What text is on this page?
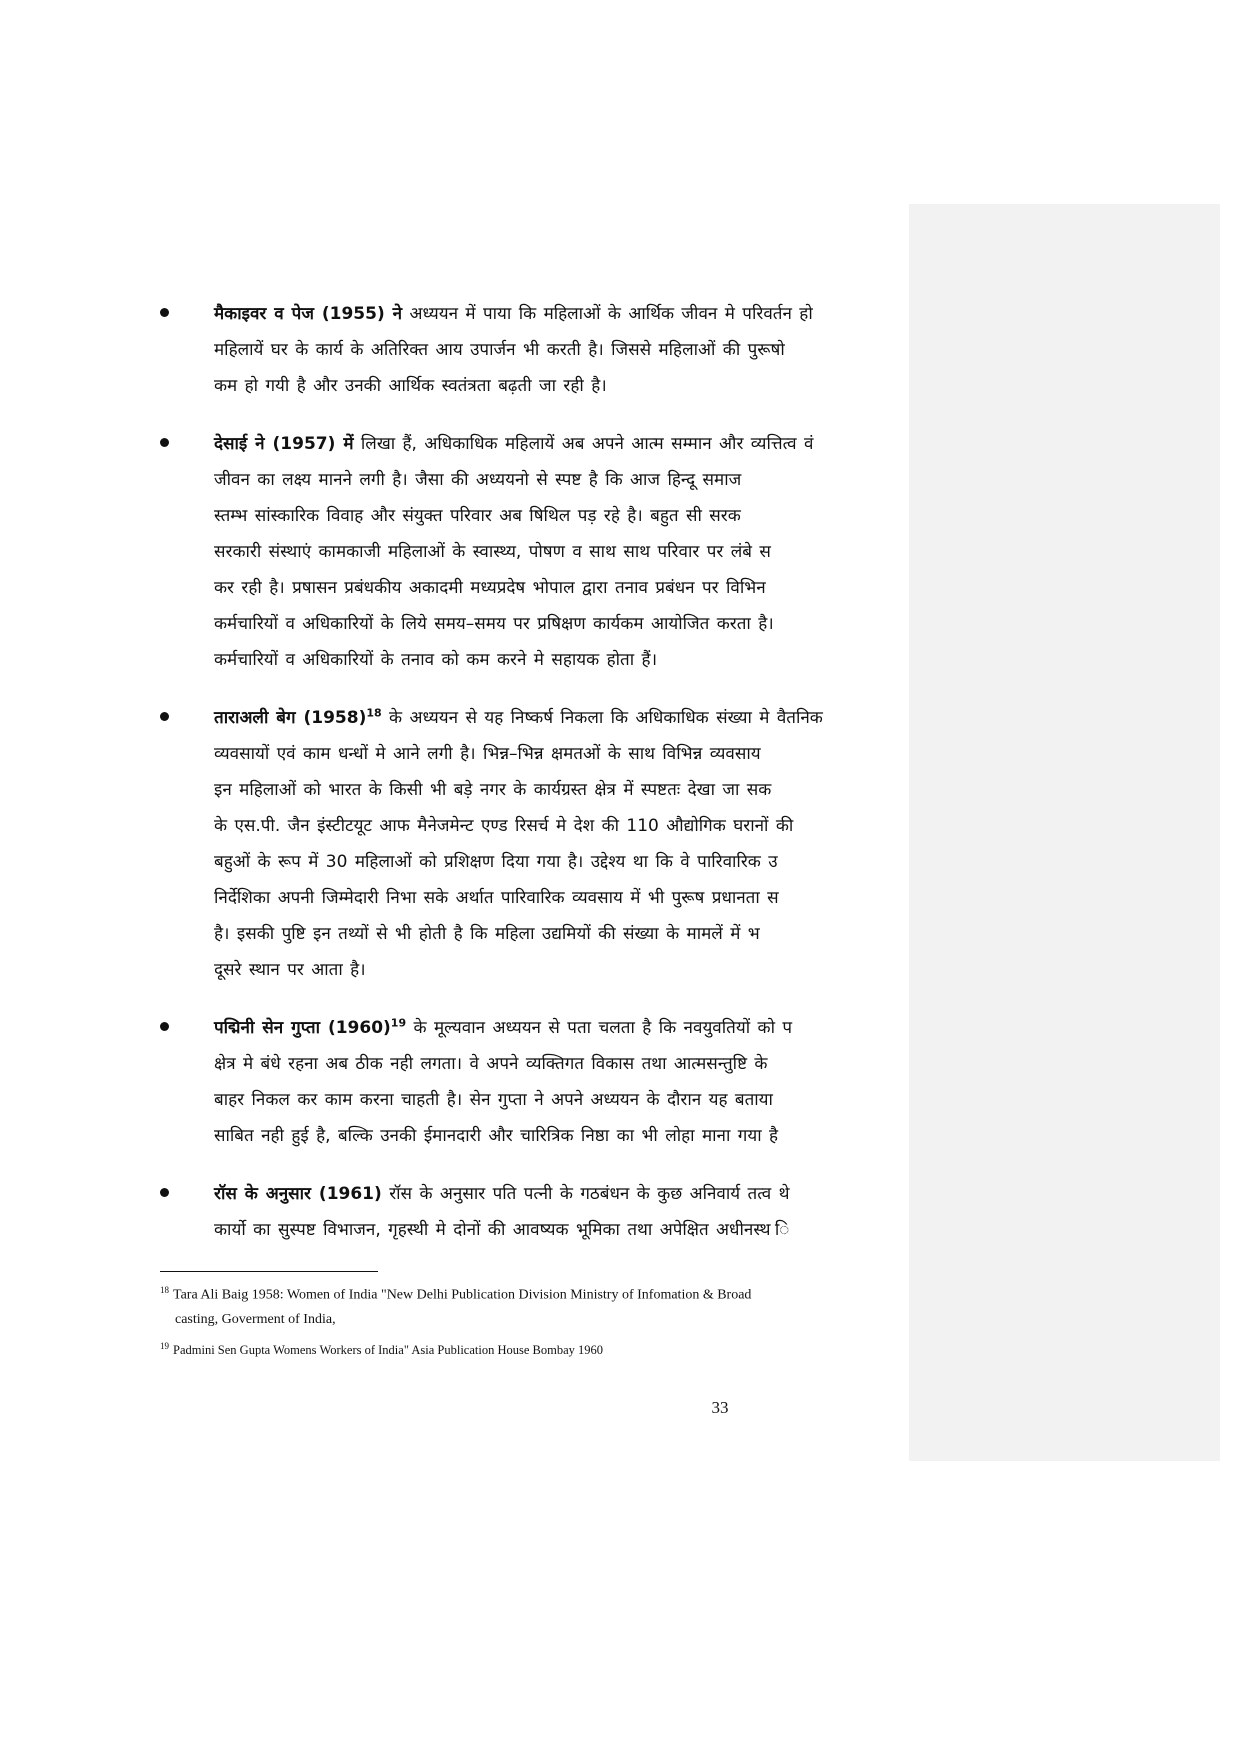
मैकाइवर व पेज (1955) ने अध्ययन में पाया कि महिलाओं के आर्थिक जीवन मे परिवर्तन हो
महिलायें घर के कार्य के अतिरिक्त आय उपार्जन भी करती है। जिससे महिलाओं की पुरूषो
कम हो गयी है और उनकी आर्थिक स्वतंत्रता बढ़ती जा रही है।
देसाई ने (1957) में लिखा हैं, अधिकाधिक महिलायें अब अपने आत्म सम्मान और व्यत्तित्व वं
जीवन का लक्ष्य मानने लगी है। जैसा की अध्ययनो से स्पष्ट है कि आज हिन्दू समाज
स्तम्भ सांस्कारिक विवाह और संयुक्त परिवार अब षिथिल पड़ रहे है। बहुत सी सरक
सरकारी संस्थाएं कामकाजी महिलाओं के स्वास्थ्य, पोषण व साथ साथ परिवार पर लंबे स
कर रही है। प्रषासन प्रबंधकीय अकादमी मध्यप्रदेष भोपाल द्वारा तनाव प्रबंधन पर विभिन
कर्मचारियों व अधिकारियों के लिये समय–समय पर प्रषिक्षण कार्यकम आयोजित करता है।
कर्मचारियों व अधिकारियों के तनाव को कम करने मे सहायक होता हैं।
ताराअली बेग $(1958)^{18}$ के अध्ययन से यह निष्कर्ष निकला कि अधिकाधिक संख्या मे वैतनिक
व्यवसायों एवं काम धन्धों मे आने लगी है। भिन्न–भिन्न क्षमतओं के साथ विभिन्न व्यवसाय
इन महिलाओं को भारत के किसी भी बड़े नगर के कार्यग्रस्त क्षेत्र में स्पष्टतः देखा जा सक
के एस.पी. जैन इंस्टीटयूट आफ मैनेजमेन्ट एण्ड रिसर्च मे देश की 110 औद्योगिक घरानों की
बहुओं के रूप में 30 महिलाओं को प्रशिक्षण दिया गया है। उद्देश्य था कि वे पारिवारिक उ
निर्देशिका अपनी जिम्मेदारी निभा सके अर्थात पारिवारिक व्यवसाय में भी पुरूष प्रधानता स
है। इसकी पुष्टि इन तथ्यों से भी होती है कि महिला उद्यमियों की संख्या के मामलें में भ
दूसरे स्थान पर आता है।
पद्मिनी सेन गुप्ता $(1960)^{19}$ के मूल्यवान अध्ययन से पता चलता है कि नवयुवतियों को प
क्षेत्र मे बंधे रहना अब ठीक नही लगता। वे अपने व्यक्तिगत विकास तथा आत्मसन्तुष्टि के
बाहर निकल कर काम करना चाहती है। सेन गुप्ता ने अपने अध्ययन के दौरान यह बताया
साबित नही हुई है, बल्कि उनकी ईमानदारी और चारित्रिक निष्ठा का भी लोहा माना गया है
रॉस के अनुसार (1961) रॉस के अनुसार पति पत्नी के गठबंधन के कुछ अनिवार्य तत्व थे
कार्यो का सुस्पष्ट विभाजन, गृहस्थी मे दोनों की आवष्यक भूमिका तथा अपेक्षित अधीनस्थ ि
$^{18}$ Tara Ali Baig 1958: Women of India "New Delhi Publication Division Ministry of Infomation & Broad
casting, Goverment of India,
$^{19}$ Padmini Sen Gupta Womens Workers of India" Asia Publication House Bombay 1960
33
